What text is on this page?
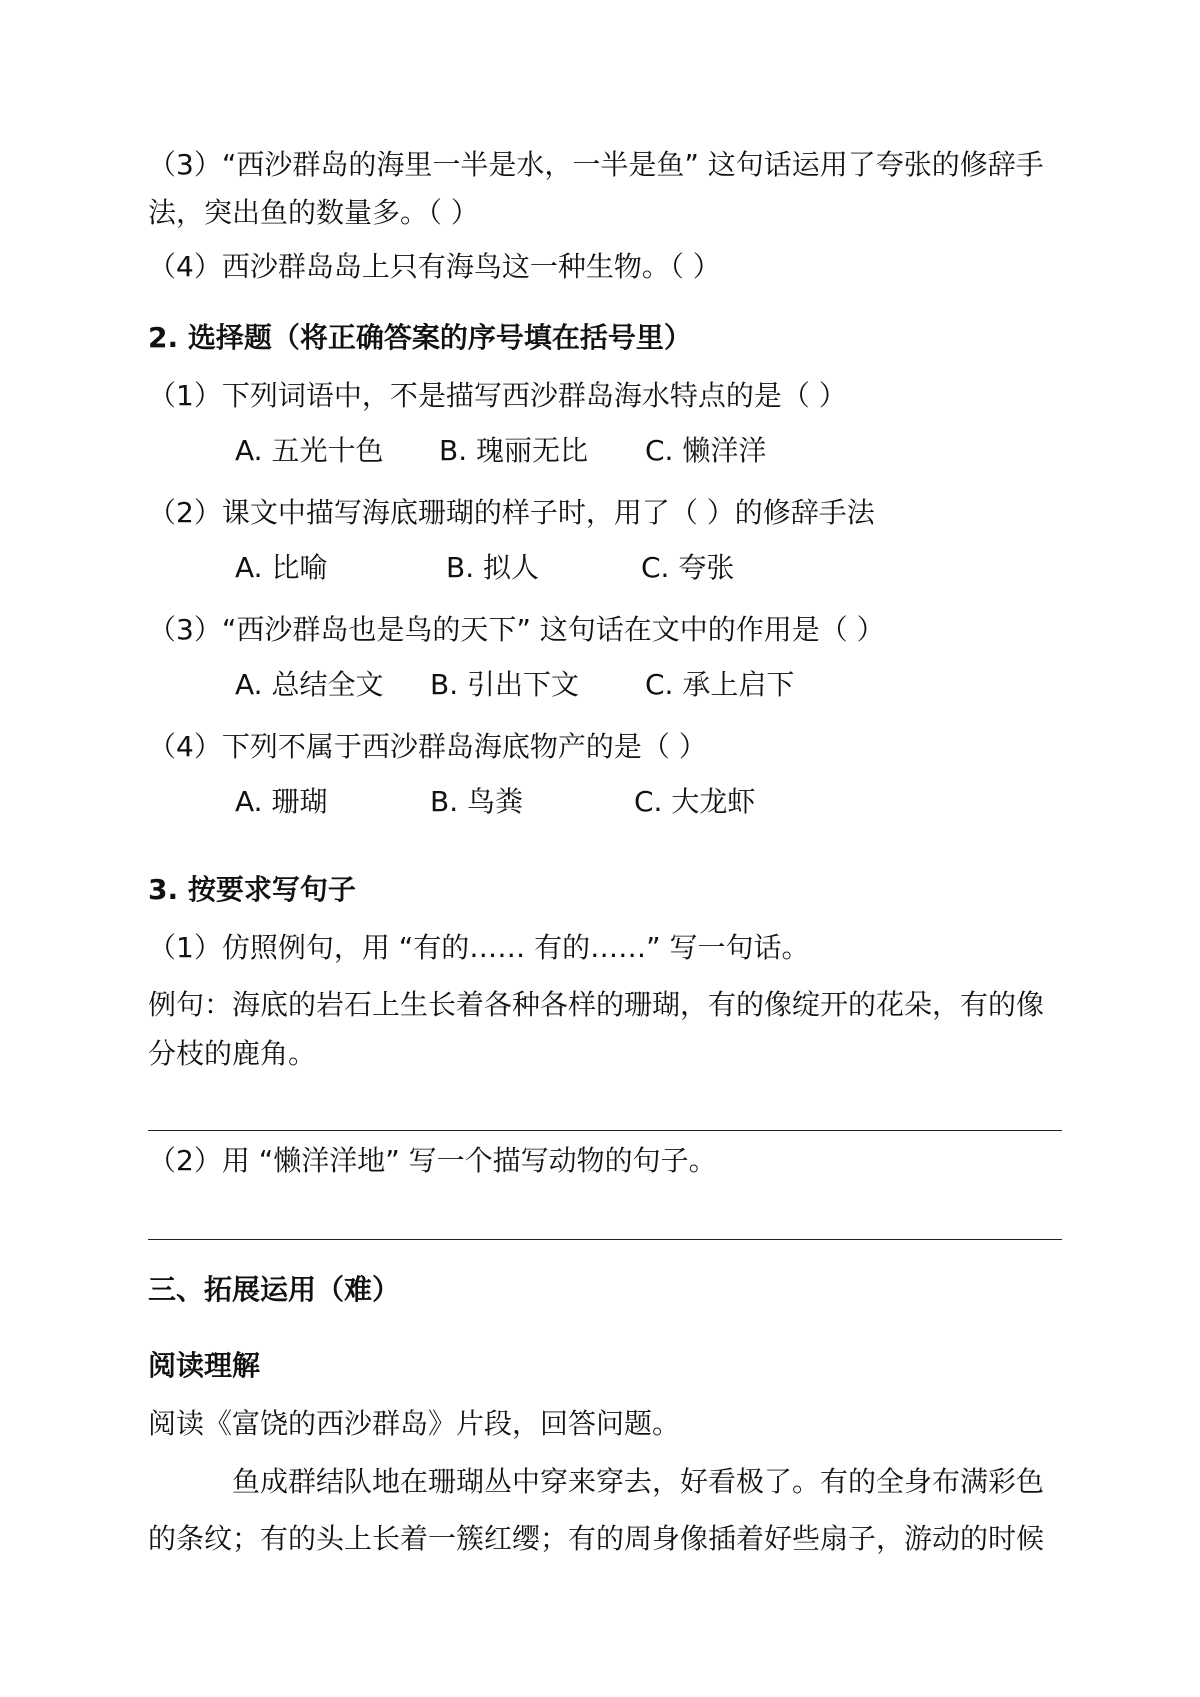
（3）“西沙群岛的海里一半是水，一半是鱼” 这句话运用了夸张的修辞手
法，突出鱼的数量多。（ ）
（4）西沙群岛岛上只有海鸟这一种生物。（ ）
2. 选择题（将正确答案的序号填在括号里）
（1）下列词语中，不是描写西沙群岛海水特点的是（ ）
A. 五光十色 B. 瑰丽无比 C. 懒洋洋
（2）课文中描写海底珊瑚的样子时，用了（ ）的修辞手法
A. 比喻	B. 拟人	C. 夸张
（3）“西沙群岛也是鸟的天下” 这句话在文中的作用是（ ）
A. 总结全文 B. 引出下文 C. 承上启下
（4）下列不属于西沙群岛海底物产的是（ ）
A. 珊瑚	B. 鸟粪	C. 大龙虾
3. 按要求写句子
（1）仿照例句，用 “有的…… 有的……” 写一句话。
例句：海底的岩石上生长着各种各样的珊瑚，有的像绽开的花朵，有的像
分枝的鹿角。
（2）用 “懒洋洋地” 写一个描写动物的句子。
三、拓展运用（难）
阅读理解
阅读《富饶的西沙群岛》片段，回答问题。
鱼成群结队地在珊瑚丛中穿来穿去，好看极了。有的全身布满彩色
的条纹；有的头上长着一簇红缨；有的周身像插着好些扇子，游动的时候
